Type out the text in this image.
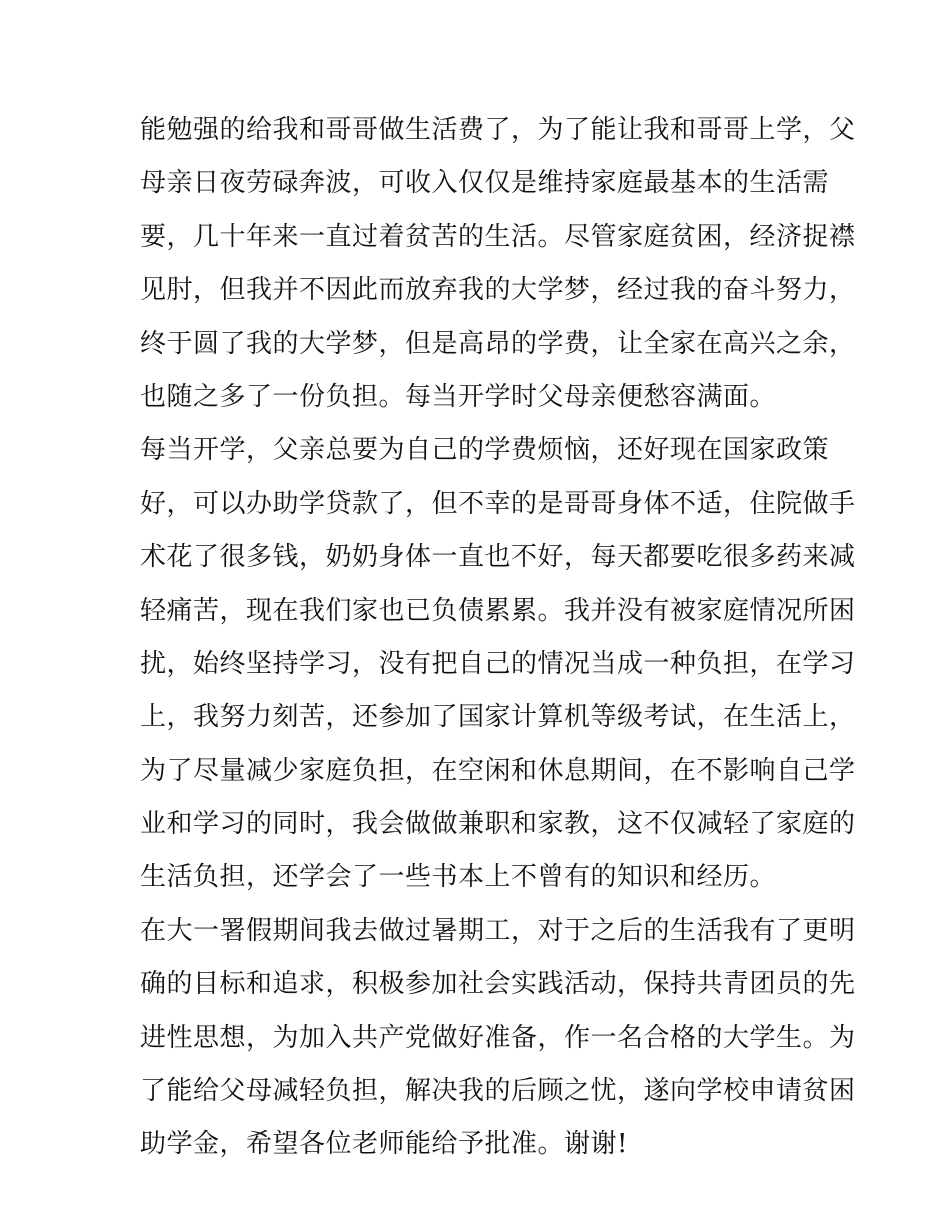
能勉强的给我和哥哥做生活费了，为了能让我和哥哥上学，父
母亲日夜劳碌奔波，可收入仅仅是维持家庭最基本的生活需
要，几十年来一直过着贫苦的生活。尽管家庭贫困，经济捉襟
见肘，但我并不因此而放弃我的大学梦，经过我的奋斗努力，
终于圆了我的大学梦，但是高昂的学费，让全家在高兴之余，
也随之多了一份负担。每当开学时父母亲便愁容满面。
每当开学，父亲总要为自己的学费烦恼，还好现在国家政策
好，可以办助学贷款了，但不幸的是哥哥身体不适，住院做手
术花了很多钱，奶奶身体一直也不好，每天都要吃很多药来减
轻痛苦，现在我们家也已负债累累。我并没有被家庭情况所困
扰，始终坚持学习，没有把自己的情况当成一种负担，在学习
上，我努力刻苦，还参加了国家计算机等级考试，在生活上，
为了尽量减少家庭负担，在空闲和休息期间，在不影响自己学
业和学习的同时，我会做做兼职和家教，这不仅减轻了家庭的
生活负担，还学会了一些书本上不曾有的知识和经历。
在大一署假期间我去做过暑期工，对于之后的生活我有了更明
确的目标和追求，积极参加社会实践活动，保持共青团员的先
进性思想，为加入共产党做好准备，作一名合格的大学生。为
了能给父母减轻负担，解决我的后顾之忧，遂向学校申请贫困
助学金，希望各位老师能给予批准。谢谢!
